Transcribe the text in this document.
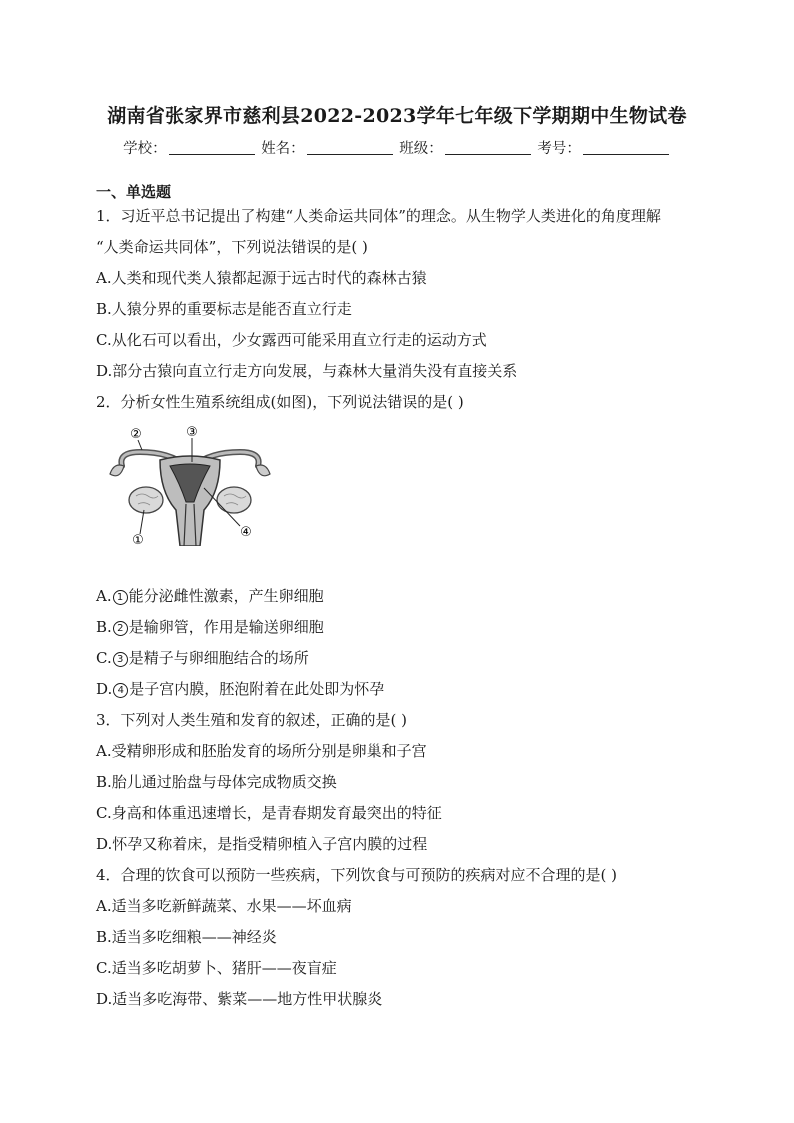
湖南省张家界市慈利县2022-2023学年七年级下学期期中生物试卷
学校：	姓名：	班级：	考号：
一、单选题
1．习近平总书记提出了构建“人类命运共同体”的理念。从生物学人类进化的角度理解
“人类命运共同体”，下列说法错误的是( )
A.人类和现代类人猿都起源于远古时代的森林古猿
B.人猿分界的重要标志是能否直立行走
C.从化石可以看出，少女露西可能采用直立行走的运动方式
D.部分古猿向直立行走方向发展，与森林大量消失没有直接关系
2．分析女性生殖系统组成(如图)，下列说法错误的是( )
②	③
①
④
A. 1 能分泌雌性激素，产生卵细胞
B. 2 是输卵管，作用是输送卵细胞
C. 3 是精子与卵细胞结合的场所
D. 4 是子宫内膜，胚泡附着在此处即为怀孕
3．下列对人类生殖和发育的叙述，正确的是( )
A.受精卵形成和胚胎发育的场所分别是卵巢和子宫
B.胎儿通过胎盘与母体完成物质交换
C.身高和体重迅速增长，是青春期发育最突出的特征
D.怀孕又称着床，是指受精卵植入子宫内膜的过程
4．合理的饮食可以预防一些疾病，下列饮食与可预防的疾病对应不合理的是( )
A.适当多吃新鲜蔬菜、水果——坏血病
B.适当多吃细粮——神经炎
C.适当多吃胡萝卜、猪肝——夜盲症
D.适当多吃海带、紫菜——地方性甲状腺炎
